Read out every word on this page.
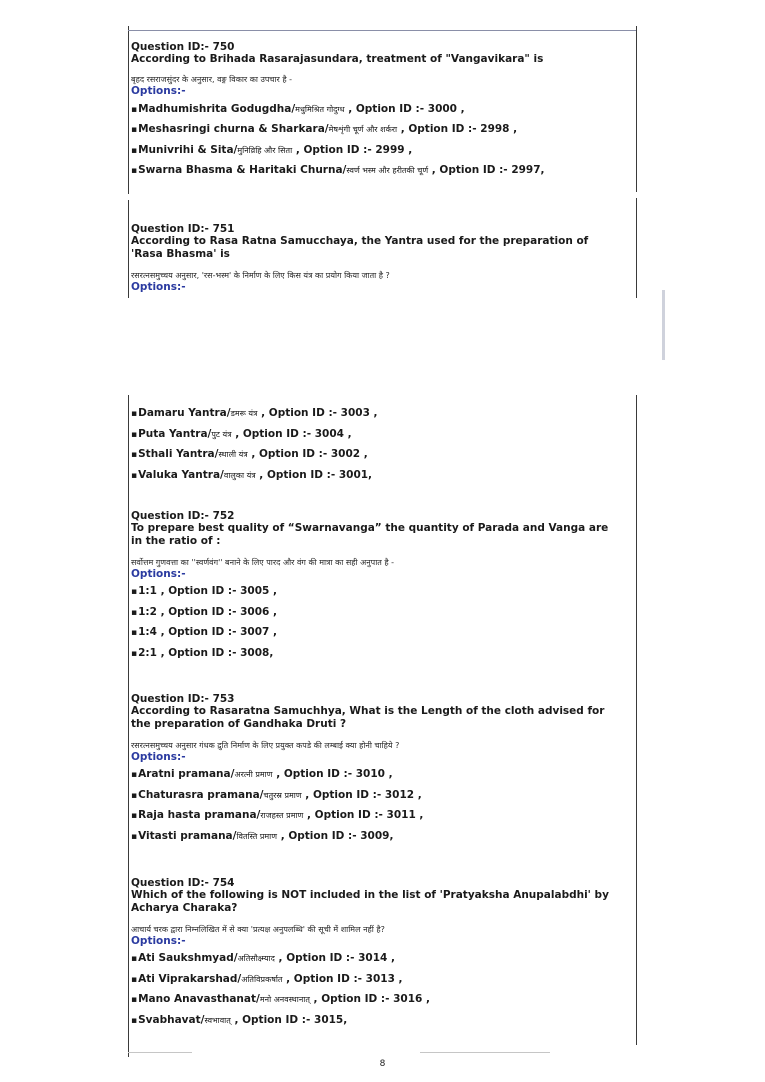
Question ID:- 750

According to Brihada Rasarajasundara, treatment of "Vangavikara" is

बृहद रसराजसुंदर के अनुसार, वङ्ग विकार का उपचार है -

Options:-

▪ Madhumishrita Godugdha/मधुमिश्रित गोदुग्ध , Option ID :- 3000 ,
▪ Meshasringi churna & Sharkara/मेषशृंगी चूर्ण और शर्करा , Option ID :- 2998 ,
▪ Munivrihi & Sita/मुनिव्रिहि और सिता , Option ID :- 2999 ,
▪ Swarna Bhasma & Haritaki Churna/स्वर्ण भस्म और हरीतकी चूर्ण , Option ID :- 2997,

Question ID:- 751

According to Rasa Ratna Samucchaya, the Yantra used for the preparation of 'Rasa Bhasma' is

रसरत्नसमुच्चय अनुसार, 'रस-भस्म' के निर्माण के लिए किस यंत्र का प्रयोग किया जाता है ?

Options:-

▪ Damaru Yantra/डमरू यंत्र , Option ID :- 3003 ,
▪ Puta Yantra/पुट यंत्र , Option ID :- 3004 ,
▪ Sthali Yantra/स्थाली यंत्र , Option ID :- 3002 ,
▪ Valuka Yantra/वालुका यंत्र , Option ID :- 3001,

Question ID:- 752

To prepare best quality of “Swarnavanga” the quantity of Parada and Vanga are in the ratio of :

सर्वोत्तम गुणवत्ता का ''स्वर्णवंग'' बनाने के लिए पारद और वंग की मात्रा का सही अनुपात है -

Options:-

▪ 1:1 , Option ID :- 3005 ,
▪ 1:2 , Option ID :- 3006 ,
▪ 1:4 , Option ID :- 3007 ,
▪ 2:1 , Option ID :- 3008,

Question ID:- 753

According to Rasaratna Samuchhya, What is the Length of the cloth advised for the preparation of Gandhaka Druti ?

रसरत्नसमुच्चय अनुसार गंधक द्रुति निर्माण के लिए प्रयुक्त कपडे की लम्बाई क्या होनी चाहिये ?

Options:-

▪ Aratni pramana/अरत्नी प्रमाण , Option ID :- 3010 ,
▪ Chaturasra pramana/चतुरस्र प्रमाण , Option ID :- 3012 ,
▪ Raja hasta pramana/राजहस्त प्रमाण , Option ID :- 3011 ,
▪ Vitasti pramana/वितस्ति प्रमाण , Option ID :- 3009,

Question ID:- 754

Which of the following is NOT included in the list of 'Pratyaksha Anupalabdhi' by Acharya Charaka?

आचार्य चरक द्वारा निम्नलिखित में से क्या 'प्रत्यक्ष अनुपलब्धि' की सूची में शामिल नहीं है?

Options:-

▪ Ati Saukshmyad/अतिसौक्ष्म्याद , Option ID :- 3014 ,
▪ Ati Viprakarshad/अतिविप्रकर्षात , Option ID :- 3013 ,
▪ Mano Anavasthanat/मनो अनवस्थानात् , Option ID :- 3016 ,
▪ Svabhavat/स्वभावात् , Option ID :- 3015,
8
